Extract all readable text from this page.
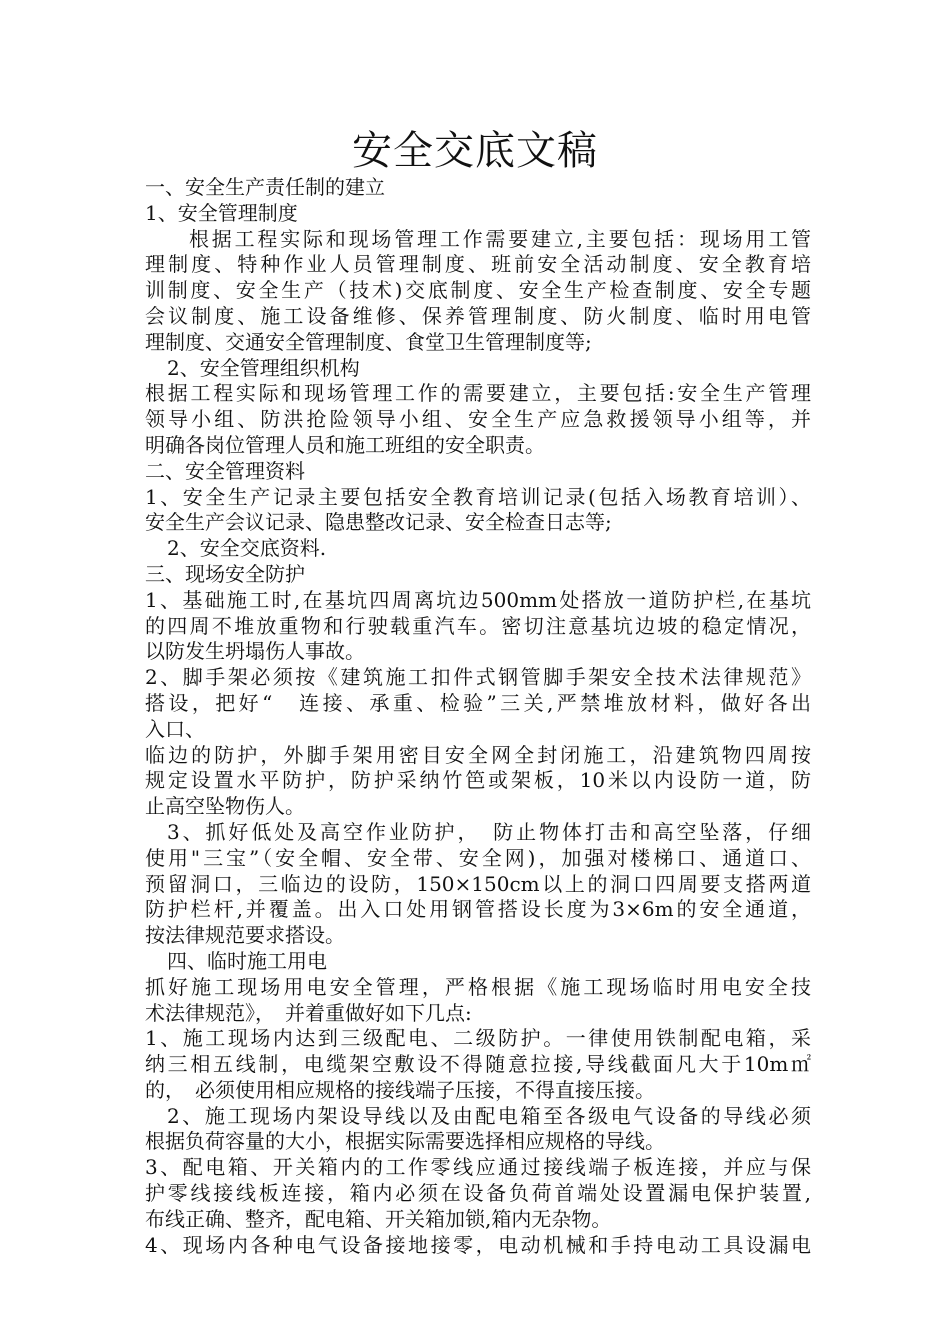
安全交底文稿
一、安全生产责任制的建立
1、安全管理制度
根据工程实际和现场管理工作需要建立,主要包括：现场用工管
理制度、特种作业人员管理制度、班前安全活动制度、安全教育培
训制度、安全生产（技术)交底制度、安全生产检查制度、安全专题
会议制度、施工设备维修、保养管理制度、防火制度、临时用电管
理制度、交通安全管理制度、食堂卫生管理制度等;
2、安全管理组织机构
根据工程实际和现场管理工作的需要建立，主要包括:安全生产管理
领导小组、防洪抢险领导小组、安全生产应急救援领导小组等，并
明确各岗位管理人员和施工班组的安全职责。
二、安全管理资料
1、安全生产记录主要包括安全教育培训记录(包括入场教育培训）、
安全生产会议记录、隐患整改记录、安全检查日志等;
2、安全交底资料.
三、现场安全防护
1、基础施工时,在基坑四周离坑边500mm处搭放一道防护栏,在基坑
的四周不堆放重物和行驶载重汽车。密切注意基坑边坡的稳定情况，
以防发生坍塌伤人事故。
2、脚手架必须按《建筑施工扣件式钢管脚手架安全技术法律规范》
搭设，把好“　连接、承重、检验”三关,严禁堆放材料，做好各出
入口、
临边的防护，外脚手架用密目安全网全封闭施工，沿建筑物四周按
规定设置水平防护，防护采纳竹笆或架板，10米以内设防一道，防
止高空坠物伤人。
3、抓好低处及高空作业防护，　防止物体打击和高空坠落，仔细
使用"三宝”（安全帽、安全带、安全网)，加强对楼梯口、通道口、
预留洞口，三临边的设防，150×150cm以上的洞口四周要支搭两道
防护栏杆,并覆盖。出入口处用钢管搭设长度为3×6m的安全通道，
按法律规范要求搭设。
四、临时施工用电
抓好施工现场用电安全管理，严格根据《施工现场临时用电安全技
术法律规范》，　并着重做好如下几点:
1、施工现场内达到三级配电、二级防护。一律使用铁制配电箱，采
纳三相五线制，电缆架空敷设不得随意拉接,导线截面凡大于10m㎡
的，　必须使用相应规格的接线端子压接，不得直接压接。
2、施工现场内架设导线以及由配电箱至各级电气设备的导线必须
根据负荷容量的大小，根据实际需要选择相应规格的导线。
3、配电箱、开关箱内的工作零线应通过接线端子板连接，并应与保
护零线接线板连接，箱内必须在设备负荷首端处设置漏电保护装置,
布线正确、整齐，配电箱、开关箱加锁,箱内无杂物。
4、现场内各种电气设备接地接零，电动机械和手持电动工具设漏电
